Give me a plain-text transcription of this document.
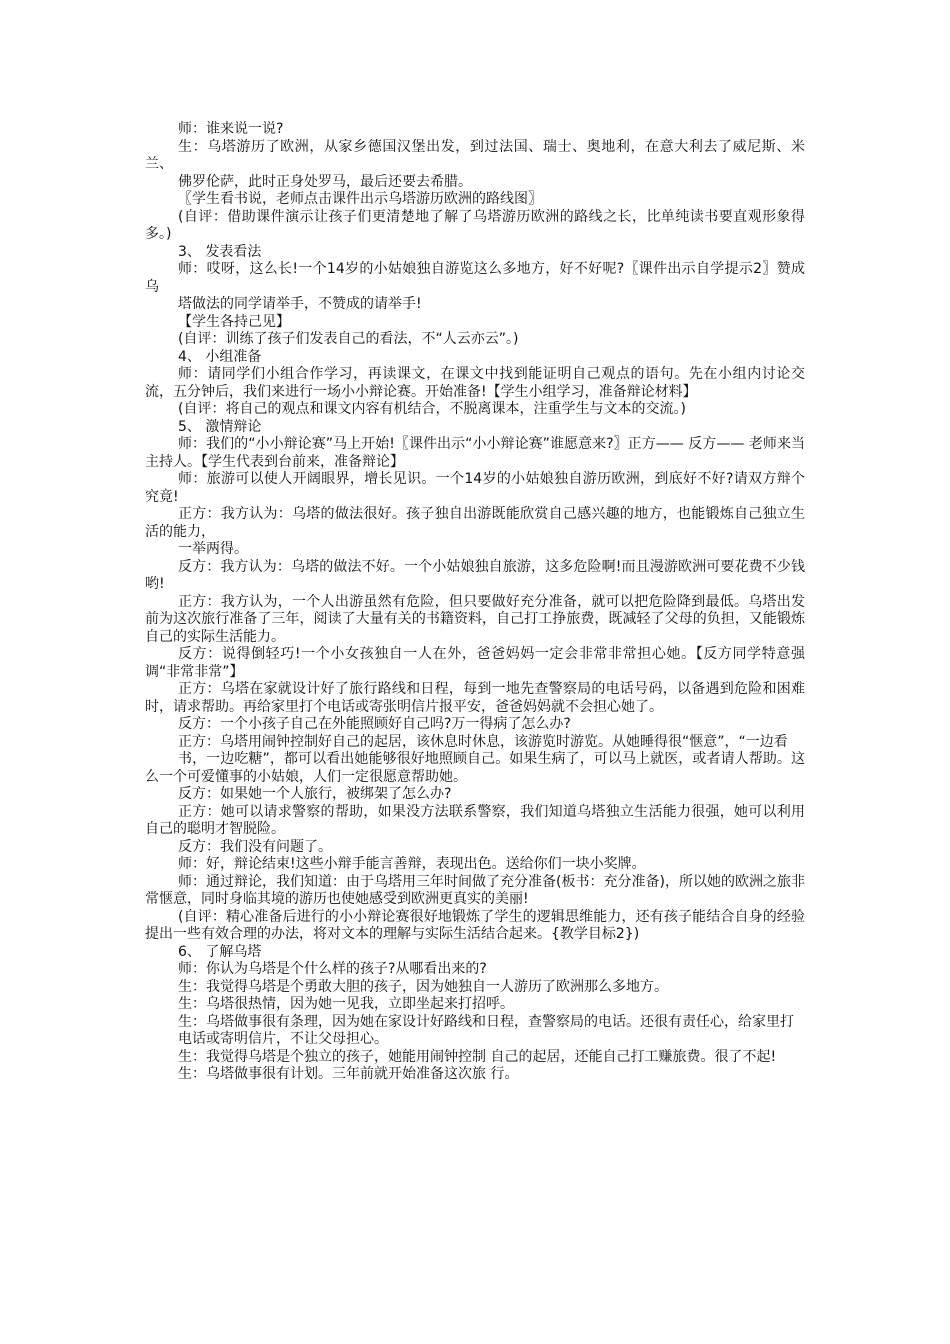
师：谁来说一说?

生：乌塔游历了欧洲，从家乡德国汉堡出发，到过法国、瑞士、奥地利，在意大利去了威尼斯、米兰、

佛罗伦萨，此时正身处罗马，最后还要去希腊。

〖学生看书说，老师点击课件出示乌塔游历欧洲的路线图〗

(自评：借助课件演示让孩子们更清楚地了解了乌塔游历欧洲的路线之长，比单纯读书要直观形象得多。)

3、 发表看法

师：哎呀，这么长!一个14岁的小姑娘独自游览这么多地方，好不好呢?〖课件出示自学提示2〗赞成乌

塔做法的同学请举手，不赞成的请举手!

【学生各持己见】

(自评：训练了孩子们发表自己的看法，不“人云亦云”。)

4、 小组准备

师：请同学们小组合作学习，再读课文，在课文中找到能证明自己观点的语句。先在小组内讨论交流，五分钟后，我们来进行一场小小辩论赛。开始准备!【学生小组学习，准备辩论材料】

(自评：将自己的观点和课文内容有机结合，不脱离课本，注重学生与文本的交流。)

5、 激情辩论

师：我们的“小小辩论赛”马上开始!〖课件出示“小小辩论赛”谁愿意来?〗正方—— 反方—— 老师来当主持人。【学生代表到台前来，准备辩论】

师：旅游可以使人开阔眼界，增长见识。一个14岁的小姑娘独自游历欧洲，到底好不好?请双方辩个究竟!

正方：我方认为：乌塔的做法很好。孩子独自出游既能欣赏自己感兴趣的地方，也能锻炼自己独立生活的能力，

一举两得。

反方：我方认为：乌塔的做法不好。一个小姑娘独自旅游，这多危险啊!而且漫游欧洲可要花费不少钱哟!

正方：我方认为，一个人出游虽然有危险，但只要做好充分准备，就可以把危险降到最低。乌塔出发前为这次旅行准备了三年，阅读了大量有关的书籍资料，自己打工挣旅费，既减轻了父母的负担，又能锻炼自己的实际生活能力。

反方：说得倒轻巧!一个小女孩独自一人在外，爸爸妈妈一定会非常非常担心她。【反方同学特意强调“非常非常”】

正方：乌塔在家就设计好了旅行路线和日程，每到一地先查警察局的电话号码，以备遇到危险和困难时，请求帮助。再给家里打个电话或寄张明信片报平安，爸爸妈妈就不会担心她了。

反方：一个小孩子自己在外能照顾好自己吗?万一得病了怎么办?

正方：乌塔用闹钟控制好自己的起居，该休息时休息，该游览时游览。从她睡得很“惬意”，“一边看

书，一边吃糖”，都可以看出她能够很好地照顾自己。如果生病了，可以马上就医，或者请人帮助。这么一个可爱懂事的小姑娘，人们一定很愿意帮助她。

反方：如果她一个人旅行，被绑架了怎么办?

正方：她可以请求警察的帮助，如果没方法联系警察，我们知道乌塔独立生活能力很强，她可以利用自己的聪明才智脱险。

反方：我们没有问题了。

师：好，辩论结束!这些小辩手能言善辩，表现出色。送给你们一块小奖牌。

师：通过辩论，我们知道：由于乌塔用三年时间做了充分准备(板书：充分准备)，所以她的欧洲之旅非常惬意，同时身临其境的游历也使她感受到欧洲更真实的美丽!

(自评：精心准备后进行的小小辩论赛很好地锻炼了学生的逻辑思维能力，还有孩子能结合自身的经验提出一些有效合理的办法，将对文本的理解与实际生活结合起来。{教学目标2})

6、 了解乌塔

师：你认为乌塔是个什么样的孩子?从哪看出来的?

生：我觉得乌塔是个勇敢大胆的孩子，因为她独自一人游历了欧洲那么多地方。

生：乌塔很热情，因为她一见我，立即坐起来打招呼。

生：乌塔做事很有条理，因为她在家设计好路线和日程，查警察局的电话。还很有责任心，给家里打

电话或寄明信片，不让父母担心。

生：我觉得乌塔是个独立的孩子，她能用闹钟控制 自己的起居，还能自己打工赚旅费。很了不起!

生：乌塔做事很有计划。三年前就开始准备这次旅 行。
